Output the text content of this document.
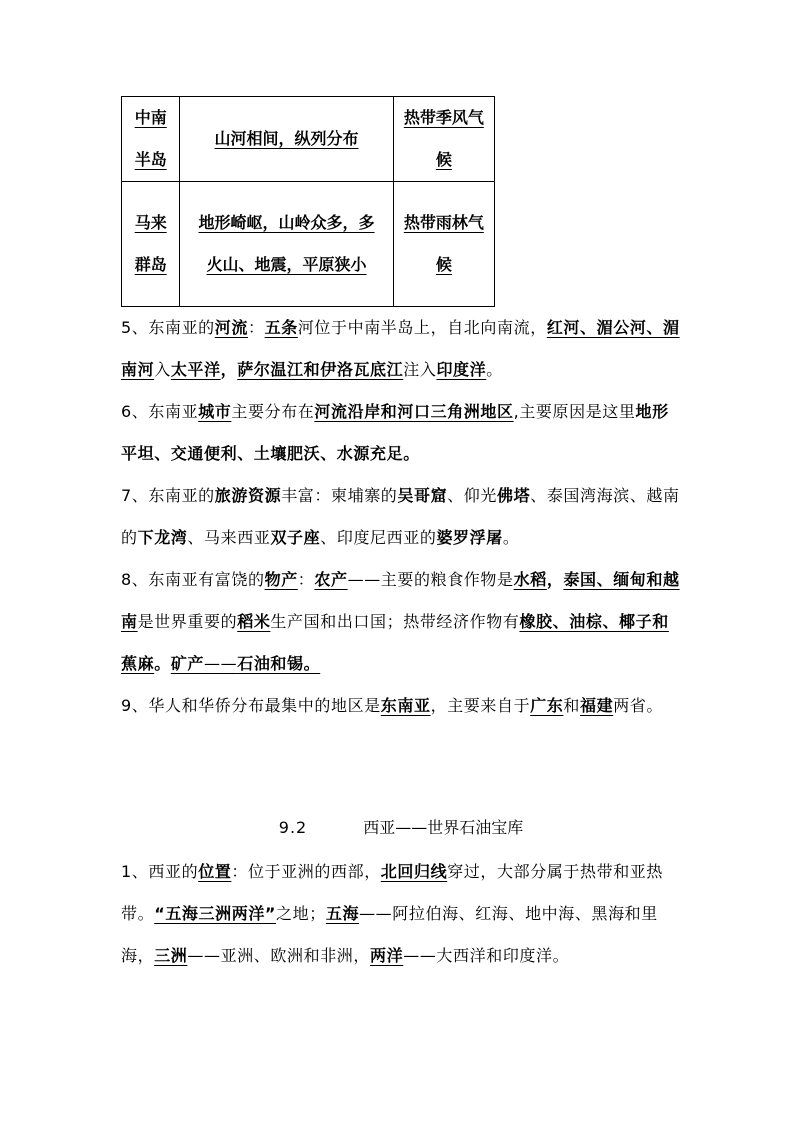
中南半岛	山河相间，纵列分布	热带季风气候
马来群岛	地形崎岖，山岭众多，多火山、地震，平原狭小	热带雨林气候

5、东南亚的河流：五条河位于中南半岛上，自北向南流，红河、湄公河、湄南河入太平洋，萨尔温江和伊洛瓦底江注入印度洋。

6、东南亚城市主要分布在河流沿岸和河口三角洲地区,主要原因是这里地形平坦、交通便利、土壤肥沃、水源充足。

7、东南亚的旅游资源丰富：柬埔寨的吴哥窟、仰光佛塔、泰国湾海滨、越南的下龙湾、马来西亚双子座、印度尼西亚的婆罗浮屠。

8、东南亚有富饶的物产：农产——主要的粮食作物是水稻，泰国、缅甸和越南是世界重要的稻米生产国和出口国；热带经济作物有橡胶、油棕、椰子和蕉麻。矿产——石油和锡。

9、华人和华侨分布最集中的地区是东南亚，主要来自于广东和福建两省。

9.2	西亚——世界石油宝库

1、西亚的位置：位于亚洲的西部，北回归线穿过，大部分属于热带和亚热带。“五海三洲两洋”之地；五海——阿拉伯海、红海、地中海、黑海和里海，三洲——亚洲、欧洲和非洲，两洋——大西洋和印度洋。
